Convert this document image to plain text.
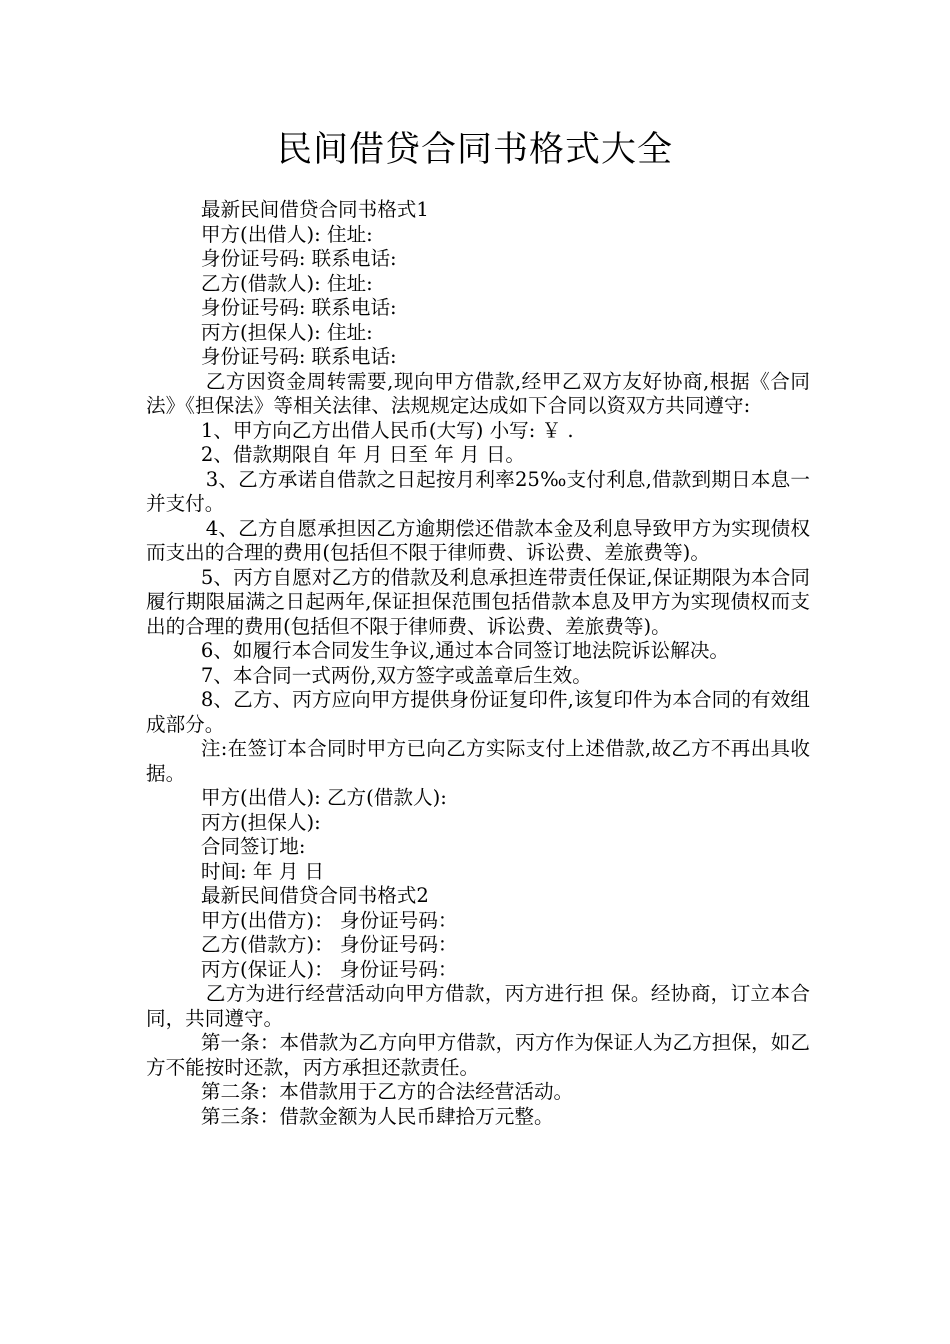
民间借贷合同书格式大全

最新民间借贷合同书格式1

甲方(出借人): 住址:

身份证号码: 联系电话:

乙方(借款人): 住址:

身份证号码: 联系电话:

丙方(担保人): 住址:

身份证号码: 联系电话:

乙方因资金周转需要,现向甲方借款,经甲乙双方友好协商,根据《合同法》《担保法》等相关法律、法规规定达成如下合同以资双方共同遵守:

1、甲方向乙方出借人民币(大写) 小写: ￥ .

2、借款期限自 年 月 日至 年 月 日。

3、乙方承诺自借款之日起按月利率25‰支付利息,借款到期日本息一并支付。

4、乙方自愿承担因乙方逾期偿还借款本金及利息导致甲方为实现债权而支出的合理的费用(包括但不限于律师费、诉讼费、差旅费等)。

5、丙方自愿对乙方的借款及利息承担连带责任保证,保证期限为本合同履行期限届满之日起两年,保证担保范围包括借款本息及甲方为实现债权而支出的合理的费用(包括但不限于律师费、诉讼费、差旅费等)。

6、如履行本合同发生争议,通过本合同签订地法院诉讼解决。

7、本合同一式两份,双方签字或盖章后生效。

8、乙方、丙方应向甲方提供身份证复印件,该复印件为本合同的有效组成部分。

注:在签订本合同时甲方已向乙方实际支付上述借款,故乙方不再出具收据。

甲方(出借人): 乙方(借款人):

丙方(担保人):

合同签订地:

时间: 年 月 日

最新民间借贷合同书格式2

甲方(出借方)： 身份证号码：

乙方(借款方)： 身份证号码：

丙方(保证人)： 身份证号码：

乙方为进行经营活动向甲方借款，丙方进行担 保。经协商，订立本合同，共同遵守。

第一条：本借款为乙方向甲方借款，丙方作为保证人为乙方担保，如乙方不能按时还款，丙方承担还款责任。

第二条：本借款用于乙方的合法经营活动。

第三条：借款金额为人民币肆拾万元整。
